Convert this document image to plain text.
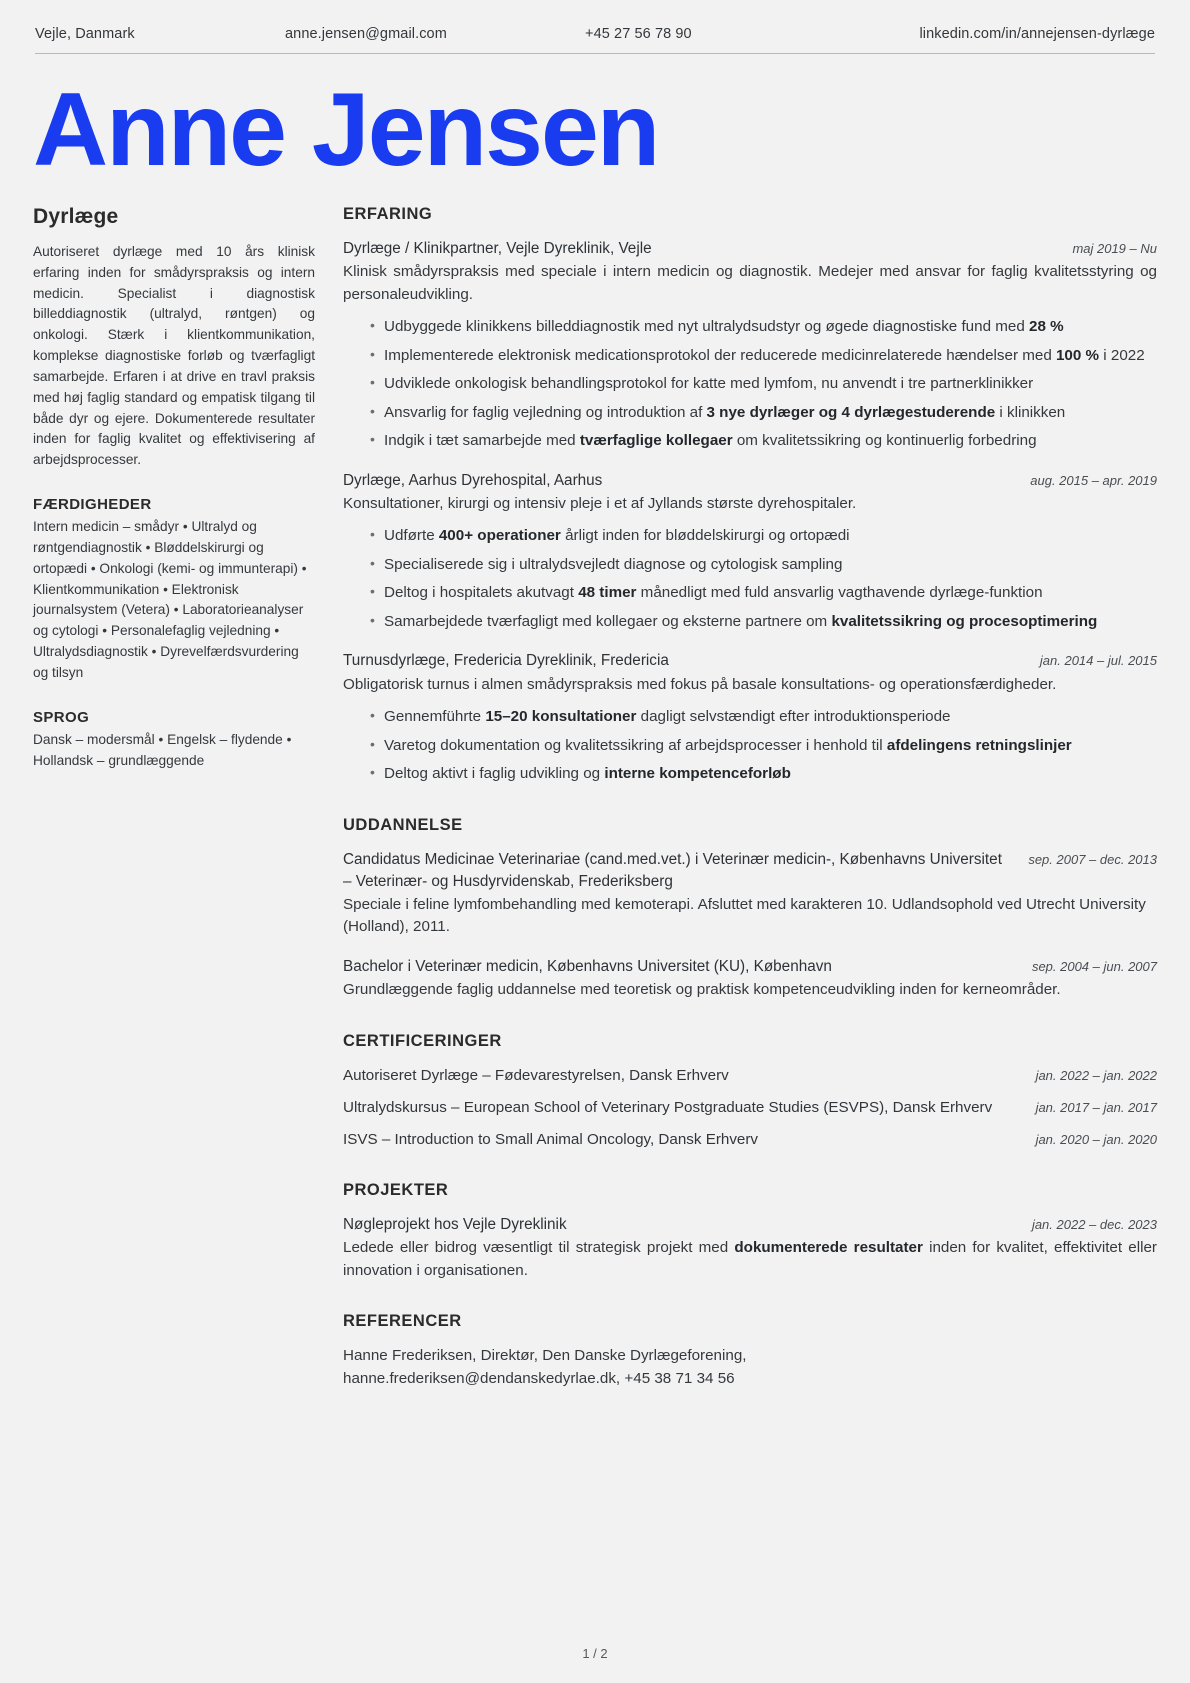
Vejle, Danmark	anne.jensen@gmail.com	+45 27 56 78 90	linkedin.com/in/annejensen-dyrlæge
Anne Jensen
Dyrlæge

Autoriseret dyrlæge med 10 års klinisk erfaring inden for smådyrspraksis og intern medicin. Specialist i diagnostisk billeddiagnostik (ultralyd, røntgen) og onkologi. Stærk i klientkommunikation, komplekse diagnostiske forløb og tværfagligt samarbejde. Erfaren i at drive en travl praksis med høj faglig standard og empatisk tilgang til både dyr og ejere. Dokumenterede resultater inden for faglig kvalitet og effektivisering af arbejdsprocesser.

FÆRDIGHEDER

Intern medicin – smådyr • Ultralyd og røntgendiagnostik • Bløddelskirurgi og ortopædi • Onkologi (kemi- og immunterapi) • Klientkommunikation • Elektronisk journalsystem (Vetera) • Laboratorieanalyser og cytologi • Personalefaglig vejledning • Ultralydsdiagnostik • Dyrevelfærdsvurdering og tilsyn

SPROG

Dansk – modersmål • Engelsk – flydende • Hollandsk – grundlæggende

ERFARING
Dyrlæge / Klinikpartner, Vejle Dyreklinik, Vejle	maj 2019 – Nu

Klinisk smådyrspraksis med speciale i intern medicin og diagnostik. Medejer med ansvar for faglig kvalitetsstyring og personaleudvikling.

• Udbyggede klinikkens billeddiagnostik med nyt ultralydsudstyr og øgede diagnostiske fund med 28 %
• Implementerede elektronisk medicationsprotokol der reducerede medicinrelaterede hændelser med 100 % i 2022
• Udviklede onkologisk behandlingsprotokol for katte med lymfom, nu anvendt i tre partnerklinikker
• Ansvarlig for faglig vejledning og introduktion af 3 nye dyrlæger og 4 dyrlægestuderende i klinikken
• Indgik i tæt samarbejde med tværfaglige kollegaer om kvalitetssikring og kontinuerlig forbedring
Dyrlæge, Aarhus Dyrehospital, Aarhus	aug. 2015 – apr. 2019

Konsultationer, kirurgi og intensiv pleje i et af Jyllands største dyrehospitaler.

• Udførte 400+ operationer årligt inden for bløddelskirurgi og ortopædi
• Specialiserede sig i ultralydsvejledt diagnose og cytologisk sampling
• Deltog i hospitalets akutvagt 48 timer månedligt med fuld ansvarlig vagthavende dyrlæge-funktion
• Samarbejdede tværfagligt med kollegaer og eksterne partnere om kvalitetssikring og procesoptimering
Turnusdyrlæge, Fredericia Dyreklinik, Fredericia	jan. 2014 – jul. 2015

Obligatorisk turnus i almen smådyrspraksis med fokus på basale konsultations- og operationsfærdigheder.

• Gennemführte 15–20 konsultationer dagligt selvstændigt efter introduktionsperiode
• Varetog dokumentation og kvalitetssikring af arbejdsprocesser i henhold til afdelingens retningslinjer
• Deltog aktivt i faglig udvikling og interne kompetenceforløb
UDDANNELSE
Candidatus Medicinae Veterinariae (cand.med.vet.) i Veterinær medicin-, Københavns Universitet – Veterinær- og Husdyrvidenskab, Frederiksberg
sep. 2007 – dec. 2013

Speciale i feline lymfombehandling med kemoterapi. Afsluttet med karakteren 10. Udlandsophold ved Utrecht University (Holland), 2011.

Bachelor i Veterinær medicin, Københavns Universitet (KU), København	sep. 2004 – jun. 2007

Grundlæggende faglig uddannelse med teoretisk og praktisk kompetenceudvikling inden for kerneområder.

CERTIFICERINGER
Autoriseret Dyrlæge – Fødevarestyrelsen, Dansk Erhverv	jan. 2022 – jan. 2022
Ultralydskursus – European School of Veterinary Postgraduate Studies (ESVPS), Dansk Erhverv	jan. 2017 – jan. 2017
ISVS – Introduction to Small Animal Oncology, Dansk Erhverv	jan. 2020 – jan. 2020
PROJEKTER
Nøgleprojekt hos Vejle Dyreklinik	jan. 2022 – dec. 2023

Ledede eller bidrog væsentligt til strategisk projekt med dokumenterede resultater inden for kvalitet, effektivitet eller innovation i organisationen.

REFERENCER
Hanne Frederiksen, Direktør, Den Danske Dyrlægeforening,
hanne.frederiksen@dendanskedyrlae.dk, +45 38 71 34 56
1 / 2
